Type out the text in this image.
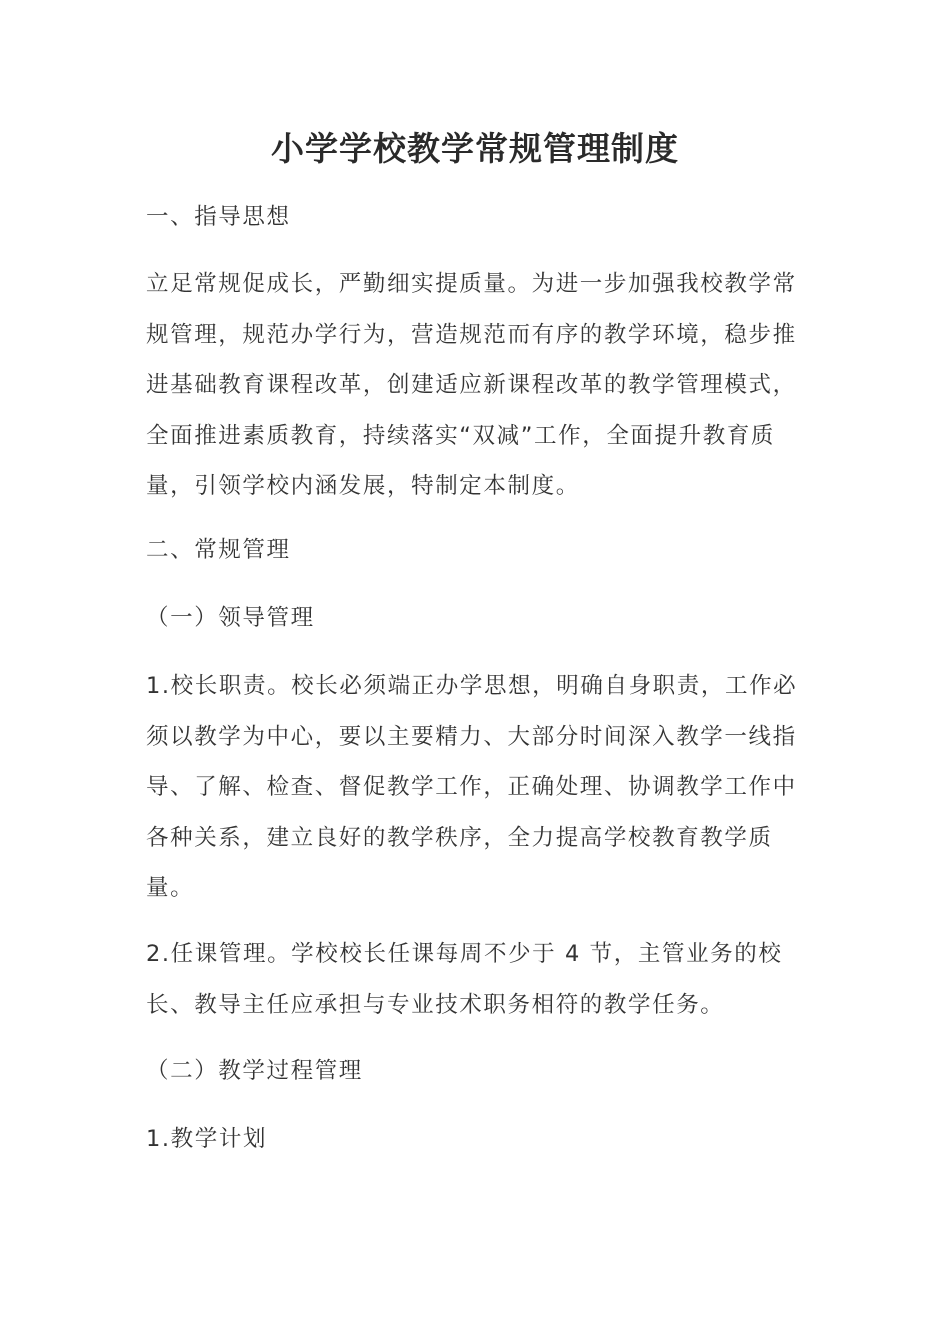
小学学校教学常规管理制度

一、指导思想

立足常规促成长，严勤细实提质量。为进一步加强我校教学常规管理，规范办学行为，营造规范而有序的教学环境，稳步推进基础教育课程改革，创建适应新课程改革的教学管理模式，全面推进素质教育，持续落实“双减”工作，全面提升教育质量，引领学校内涵发展，特制定本制度。

二、常规管理

（一）领导管理

1.校长职责。校长必须端正办学思想，明确自身职责，工作必须以教学为中心，要以主要精力、大部分时间深入教学一线指导、了解、检查、督促教学工作，正确处理、协调教学工作中各种关系，建立良好的教学秩序，全力提高学校教育教学质量。

2.任课管理。学校校长任课每周不少于 4 节，主管业务的校长、教导主任应承担与专业技术职务相符的教学任务。

（二）教学过程管理

1.教学计划
